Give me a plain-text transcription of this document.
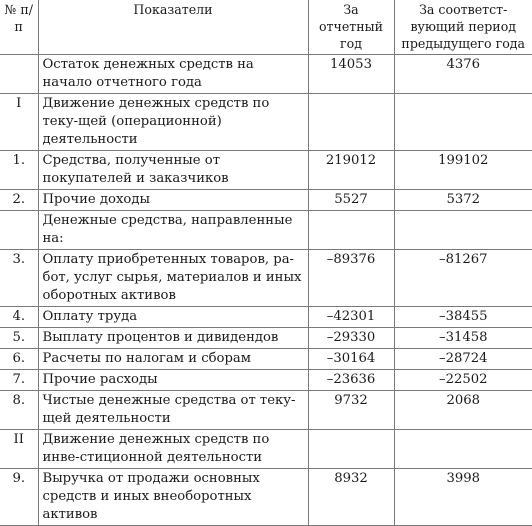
№ п/п	Показатели	За отчетный год	За соответст-вующий период предыдущего года
	Остаток денежных средств на начало отчетного года	14053	4376
I	Движение денежных средств по теку-щей (операционной) деятельности		
1.	Средства, полученные от покупателей и заказчиков	219012	199102
2.	Прочие доходы	5527	5372
	Денежные средства, направленные на:		
3.	Оплату приобретенных товаров, ра-бот, услуг сырья, материалов и иных оборотных активов	–89376	–81267
4.	Оплату труда	–42301	–38455
5.	Выплату процентов и дивидендов	–29330	–31458
6.	Расчеты по налогам и сборам	–30164	–28724
7.	Прочие расходы	–23636	–22502
8.	Чистые денежные средства от теку-щей деятельности	9732	2068
II	Движение денежных средств по инве-стиционной деятельности		
9.	Выручка от продажи основных средств и иных внеоборотных активов	8932	3998
